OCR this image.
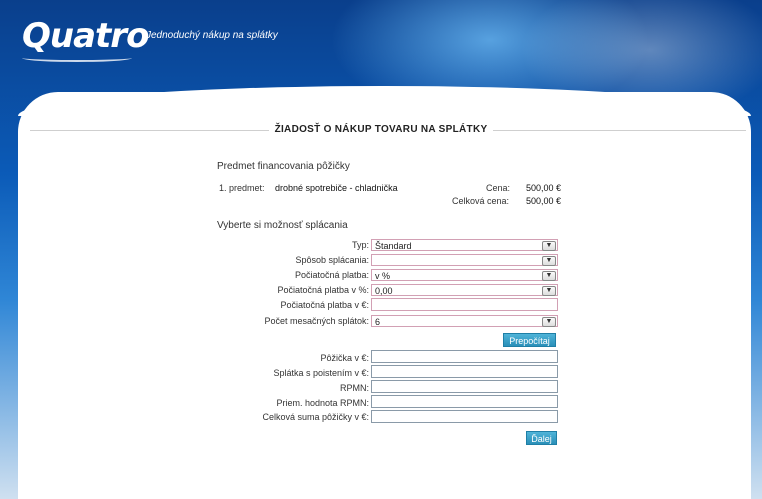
Quatro
Jednoduchý nákup na splátky
ŽIADOSŤ O NÁKUP TOVARU NA SPLÁTKY
Predmet financovania pôžičky
1. predmet: drobné spotrebiče - chladnička	Cena: 500,00 €
Celková cena: 500,00 €
Vyberte si možnosť splácania
Typ: Štandard	▼
Spôsob splácania:	▼
Počiatočná platba: v %	▼
Počiatočná platba v %: 0,00	▼
Počiatočná platba v €:
Počet mesačných splátok: 6	▼
Prepočítaj
Pôžička v €:
Splátka s poistením v €:
RPMN:
Priem. hodnota RPMN:
Celková suma pôžičky v €:
Ďalej
